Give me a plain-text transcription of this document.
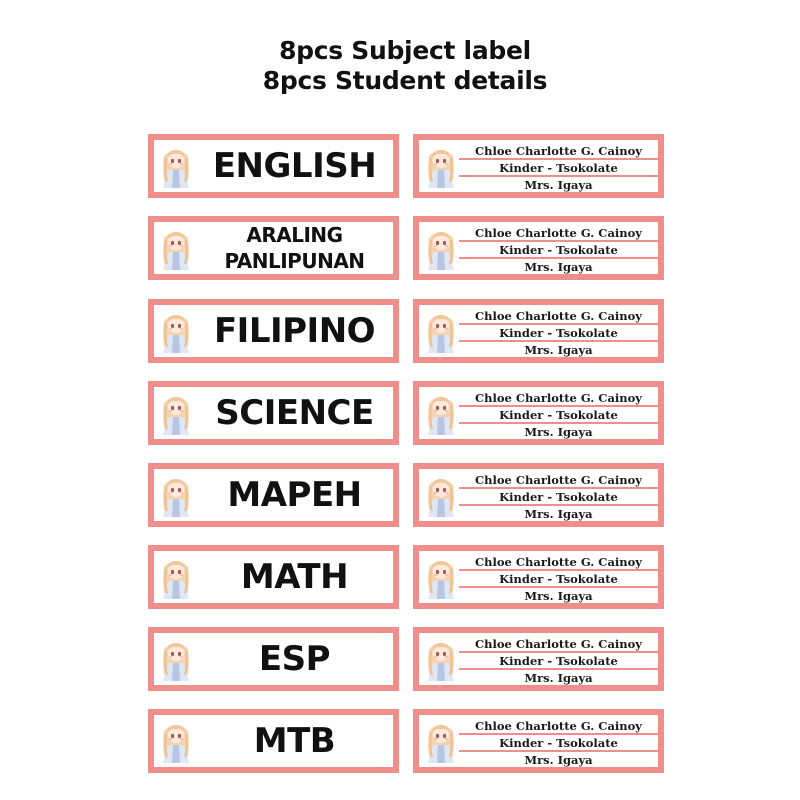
8pcs Subject label
8pcs Student details
ENGLISH	Chloe Charlotte G. Cainoy
Kinder - Tsokolate
Mrs. Igaya
ARALING
PANLIPUNAN
Chloe Charlotte G. Cainoy
Kinder - Tsokolate
Mrs. Igaya
FILIPINO	Chloe Charlotte G. Cainoy
Kinder - Tsokolate
Mrs. Igaya
SCIENCE	Chloe Charlotte G. Cainoy
Kinder - Tsokolate
Mrs. Igaya
MAPEH	Chloe Charlotte G. Cainoy
Kinder - Tsokolate
Mrs. Igaya
MATH	Chloe Charlotte G. Cainoy
Kinder - Tsokolate
Mrs. Igaya
ESP	Chloe Charlotte G. Cainoy
Kinder - Tsokolate
Mrs. Igaya
MTB	Chloe Charlotte G. Cainoy
Kinder - Tsokolate
Mrs. Igaya
